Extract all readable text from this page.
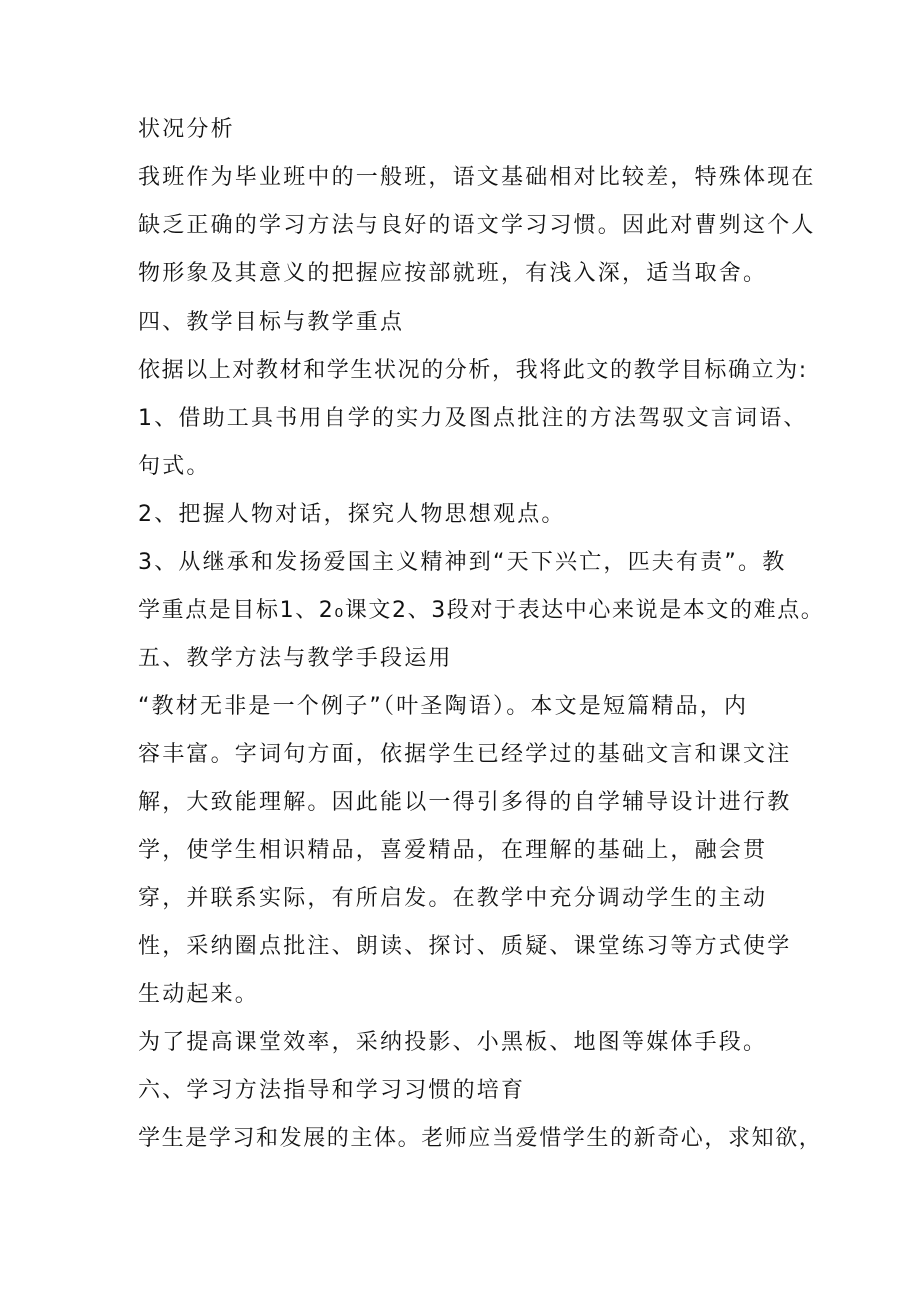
状况分析
我班作为毕业班中的一般班，语文基础相对比较差，特殊体现在
缺乏正确的学习方法与良好的语文学习习惯。因此对曹刿这个人
物形象及其意义的把握应按部就班，有浅入深，适当取舍。
四、教学目标与教学重点
依据以上对教材和学生状况的分析，我将此文的教学目标确立为:
1、借助工具书用自学的实力及图点批注的方法驾驭文言词语、
句式。
2、把握人物对话，探究人物思想观点。
3、从继承和发扬爱国主义精神到“天下兴亡，匹夫有责”。教
学重点是目标1、2₀课文2、3段对于表达中心来说是本文的难点。
五、教学方法与教学手段运用
“教材无非是一个例子”（叶圣陶语）。本文是短篇精品，内
容丰富。字词句方面，依据学生已经学过的基础文言和课文注
解，大致能理解。因此能以一得引多得的自学辅导设计进行教
学，使学生相识精品，喜爱精品，在理解的基础上，融会贯
穿，并联系实际，有所启发。在教学中充分调动学生的主动
性，采纳圈点批注、朗读、探讨、质疑、课堂练习等方式使学
生动起来。
为了提高课堂效率，采纳投影、小黑板、地图等媒体手段。
六、学习方法指导和学习习惯的培育
学生是学习和发展的主体。老师应当爱惜学生的新奇心，求知欲，
